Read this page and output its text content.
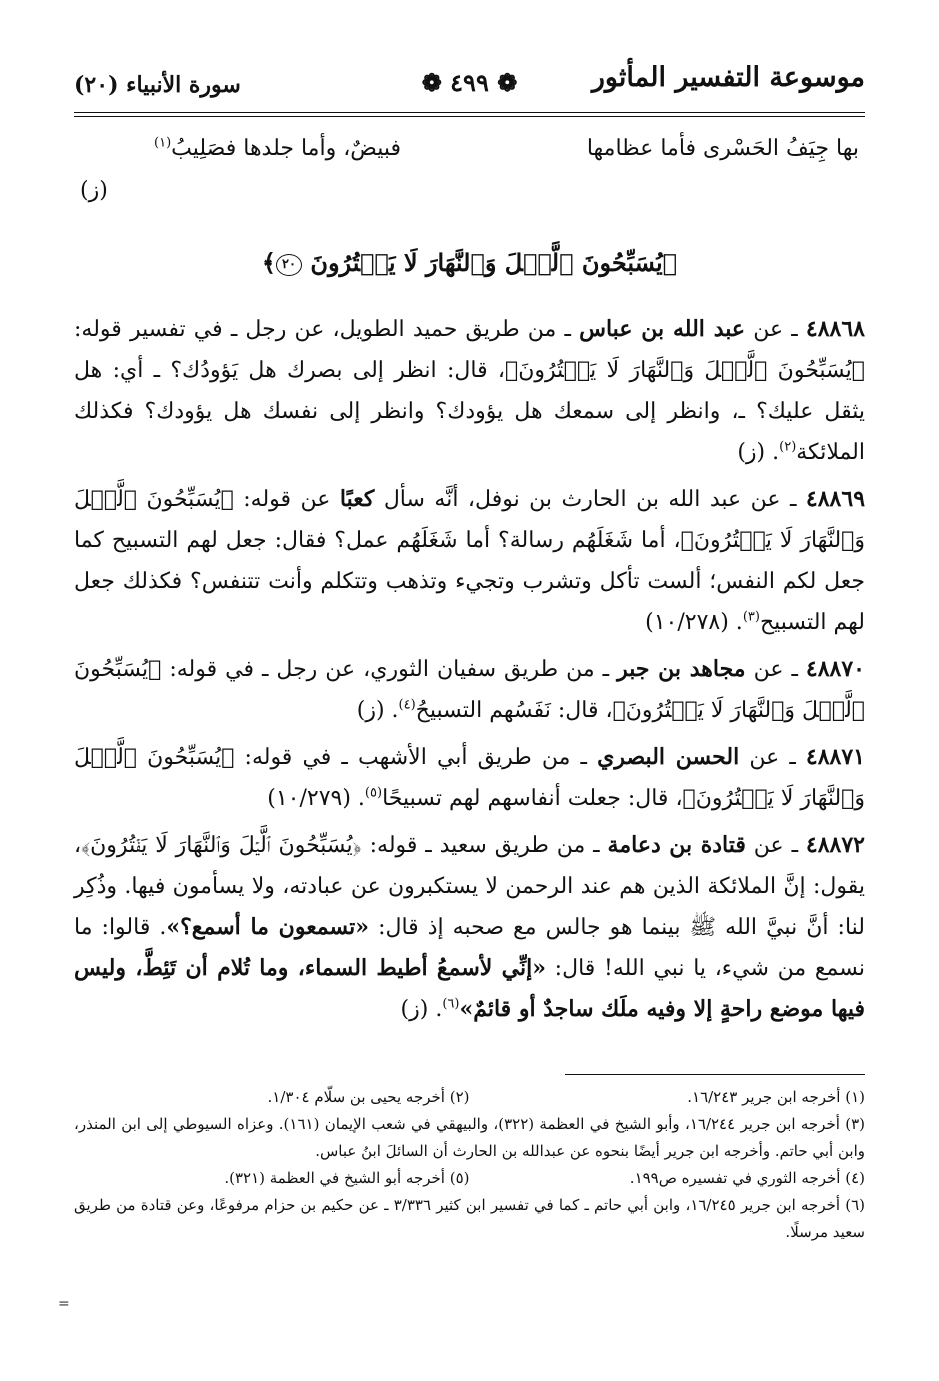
موسوعة التفسير المأثور
❁ ٤٩٩ ❁
سورة الأنبياء (٢٠)
بها جِيَفُ الحَسْرى فأما عظامها
فبيضٌ، وأما جلدها فصَلِيبُ$^{(١)}$
(ز)
﴿يُسَبِّحُونَ ٱلَّيۡلَ وَٱلنَّهَارَ لَا يَفۡتُرُونَ ٢٠﴾

٤٨٨٦٨ ـ عن عبد الله بن عباس ـ من طريق حميد الطويل، عن رجل ـ في تفسير قوله: ﴿يُسَبِّحُونَ ٱلَّيۡلَ وَٱلنَّهَارَ لَا يَفۡتُرُونَ﴾، قال: انظر إلى بصرك هل يَؤودُك؟ ـ أي: هل يثقل عليك؟ ـ، وانظر إلى سمعك هل يؤودك؟ وانظر إلى نفسك هل يؤودك؟ فكذلك الملائكة$^{(٢)}$. (ز)

٤٨٨٦٩ ـ عن عبد الله بن الحارث بن نوفل، أنَّه سأل كعبًا عن قوله: ﴿يُسَبِّحُونَ ٱلَّيۡلَ وَٱلنَّهَارَ لَا يَفۡتُرُونَ﴾، أما شَغَلَهُم رسالة؟ أما شَغَلَهُم عمل؟ فقال: جعل لهم التسبيح كما جعل لكم النفس؛ ألست تأكل وتشرب وتجيء وتذهب وتتكلم وأنت تتنفس؟ فكذلك جعل لهم التسبيح$^{(٣)}$. (١٠/٢٧٨)

٤٨٨٧٠ ـ عن مجاهد بن جبر ـ من طريق سفيان الثوري، عن رجل ـ في قوله: ﴿يُسَبِّحُونَ ٱلَّيۡلَ وَٱلنَّهَارَ لَا يَفۡتُرُونَ﴾، قال: نَفَسُهم التسبيحُ$^{(٤)}$. (ز)

٤٨٨٧١ ـ عن الحسن البصري ـ من طريق أبي الأشهب ـ في قوله: ﴿يُسَبِّحُونَ ٱلَّيۡلَ وَٱلنَّهَارَ لَا يَفۡتُرُونَ﴾، قال: جعلت أنفاسهم لهم تسبيحًا$^{(٥)}$. (١٠/٢٧٩)

٤٨٨٧٢ ـ عن قتادة بن دعامة ـ من طريق سعيد ـ قوله: ﴿يُسَبِّحُونَ ٱلَّيۡلَ وَٱلنَّهَارَ لَا يَفۡتُرُونَ﴾، يقول: إنَّ الملائكة الذين هم عند الرحمن لا يستكبرون عن عبادته، ولا يسأمون فيها. وذُكِر لنا: أنَّ نبيَّ الله ﷺ بينما هو جالس مع صحبه إذ قال: «تسمعون ما أسمع؟». قالوا: ما نسمع من شيء، يا نبي الله! قال: «إنِّي لأسمعُ أطيط السماء، وما تُلام أن تَئِطَّ، وليس فيها موضع راحةٍ إلا وفيه ملَك ساجدٌ أو قائمٌ»$^{(٦)}$. (ز)

(١) أخرجه ابن جرير ١٦/٢٤٣.
(٢) أخرجه يحيى بن سلّام ١/٣٠٤.
(٣) أخرجه ابن جرير ١٦/٢٤٤، وأبو الشيخ في العظمة (٣٢٢)، والبيهقي في شعب الإيمان (١٦١). وعزاه السيوطي إلى ابن المنذر، وابن أبي حاتم. وأخرجه ابن جرير أيضًا بنحوه عن عبدالله بن الحارث أن السائلَ ابنُ عباس.
(٤) أخرجه الثوري في تفسيره ص١٩٩.
(٥) أخرجه أبو الشيخ في العظمة (٣٢١).
(٦) أخرجه ابن جرير ١٦/٢٤٥، وابن أبي حاتم ـ كما في تفسير ابن كثير ٣/٣٣٦ ـ عن حكيم بن حزام مرفوعًا، وعن قتادة من طريق سعيد مرسلًا.
=
